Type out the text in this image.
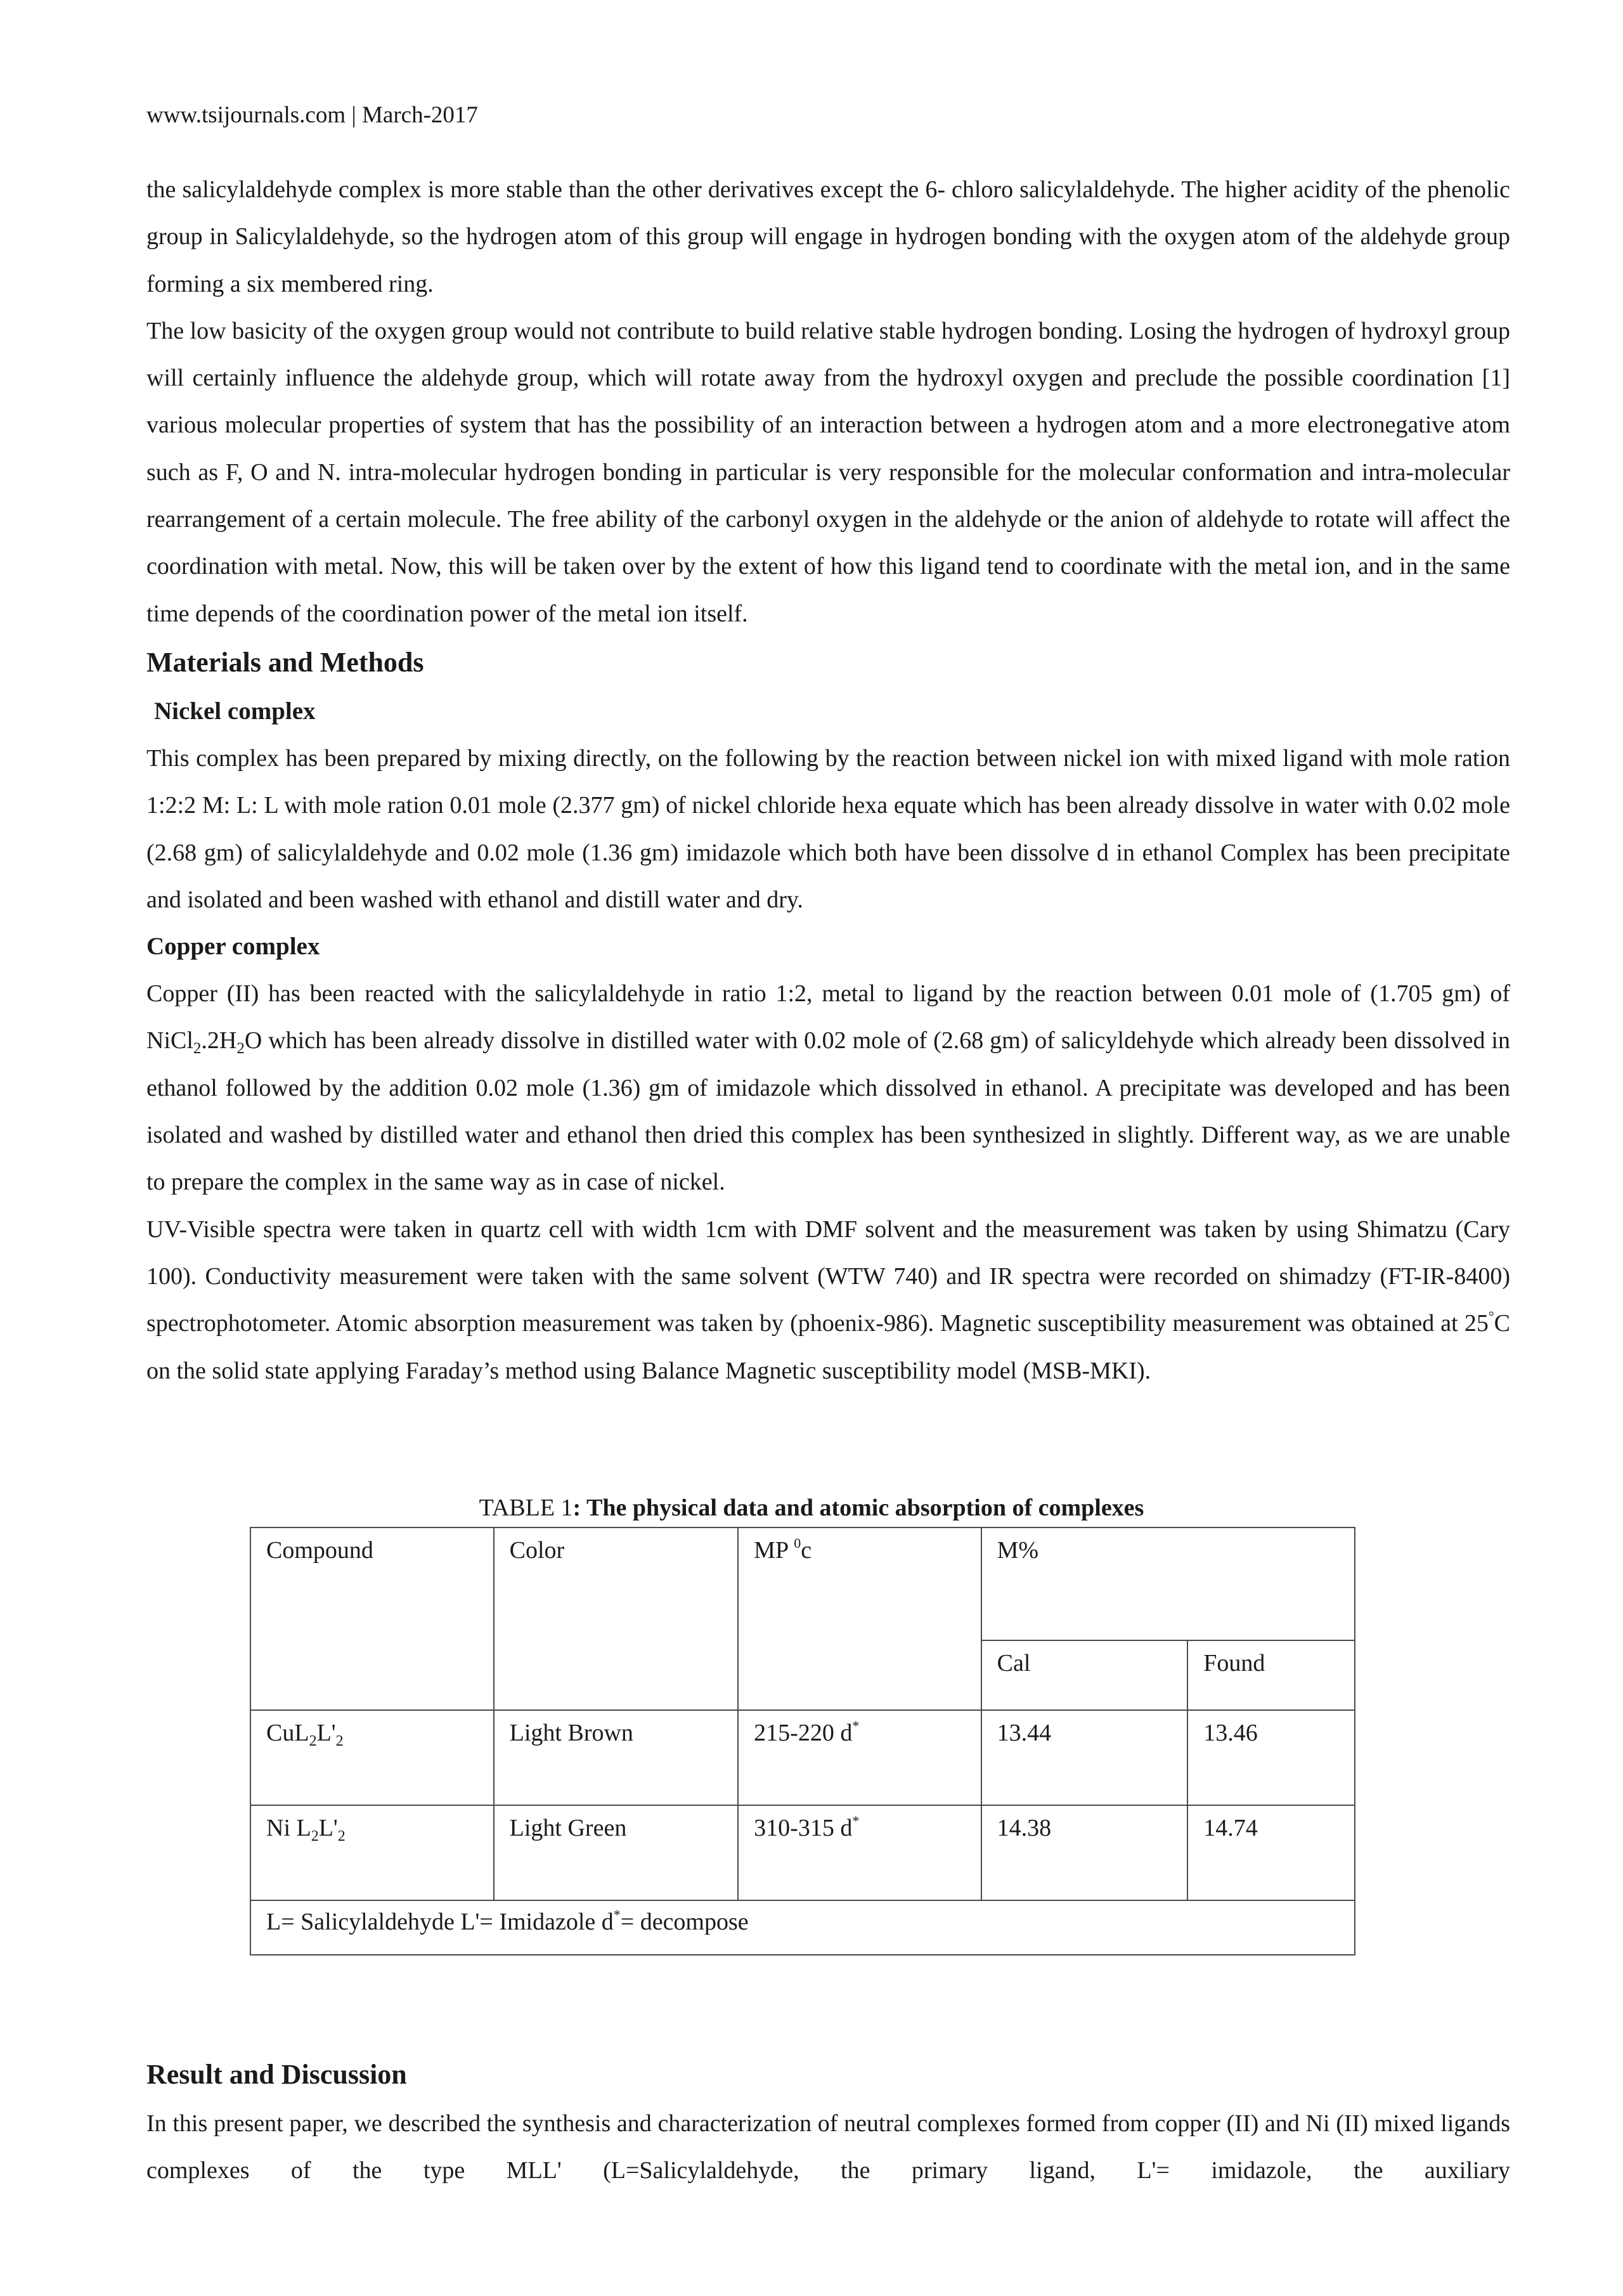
www.tsijournals.com | March-2017

the salicylaldehyde complex is more stable than the other derivatives except the 6- chloro salicylaldehyde. The higher acidity of the phenolic group in Salicylaldehyde, so the hydrogen atom of this group will engage in hydrogen bonding with the oxygen atom of the aldehyde group forming a six membered ring.

The low basicity of the oxygen group would not contribute to build relative stable hydrogen bonding. Losing the hydrogen of hydroxyl group will certainly influence the aldehyde group, which will rotate away from the hydroxyl oxygen and preclude the possible coordination [1] various molecular properties of system that has the possibility of an interaction between a hydrogen atom and a more electronegative atom such as F, O and N. intra-molecular hydrogen bonding in particular is very responsible for the molecular conformation and intra-molecular rearrangement of a certain molecule. The free ability of the carbonyl oxygen in the aldehyde or the anion of aldehyde to rotate will affect the coordination with metal. Now, this will be taken over by the extent of how this ligand tend to coordinate with the metal ion, and in the same time depends of the coordination power of the metal ion itself.

Materials and Methods
Nickel complex

This complex has been prepared by mixing directly, on the following by the reaction between nickel ion with mixed ligand with mole ration 1:2:2 M: L: L with mole ration 0.01 mole (2.377 gm) of nickel chloride hexa equate which has been already dissolve in water with 0.02 mole (2.68 gm) of salicylaldehyde and 0.02 mole (1.36 gm) imidazole which both have been dissolve d in ethanol Complex has been precipitate and isolated and been washed with ethanol and distill water and dry.

Copper complex

Copper (II) has been reacted with the salicylaldehyde in ratio 1:2, metal to ligand by the reaction between 0.01 mole of (1.705 gm) of $NiCl_2.2H_2O$ which has been already dissolve in distilled water with 0.02 mole of (2.68 gm) of salicyldehyde which already been dissolved in ethanol followed by the addition 0.02 mole (1.36) gm of imidazole which dissolved in ethanol. A precipitate was developed and has been isolated and washed by distilled water and ethanol then dried this complex has been synthesized in slightly. Different way, as we are unable to prepare the complex in the same way as in case of nickel.

UV-Visible spectra were taken in quartz cell with width 1cm with DMF solvent and the measurement was taken by using Shimatzu (Cary 100). Conductivity measurement were taken with the same solvent (WTW 740) and IR spectra were recorded on shimadzy (FT-IR-8400) spectrophotometer. Atomic absorption measurement was taken by (phoenix-986). Magnetic susceptibility measurement was obtained at 25°C on the solid state applying Faraday’s method using Balance Magnetic susceptibility model (MSB-MKI).

TABLE 1: The physical data and atomic absorption of complexes
Compound	Color	MP $^0$c	M%	
			Cal	Found
$CuL_2L'_2$	Light Brown	215-220 d*	13.44	13.46
Ni $L_2L'_2$	Light Green	310-315 d*	14.38	14.74
L= Salicylaldehyde L'= Imidazole d*= decompose				
Result and Discussion

In this present paper, we described the synthesis and characterization of neutral complexes formed from copper (II) and Ni (II) mixed ligands complexes of the type MLL' (L=Salicylaldehyde, the primary ligand, L'= imidazole, the auxiliary
